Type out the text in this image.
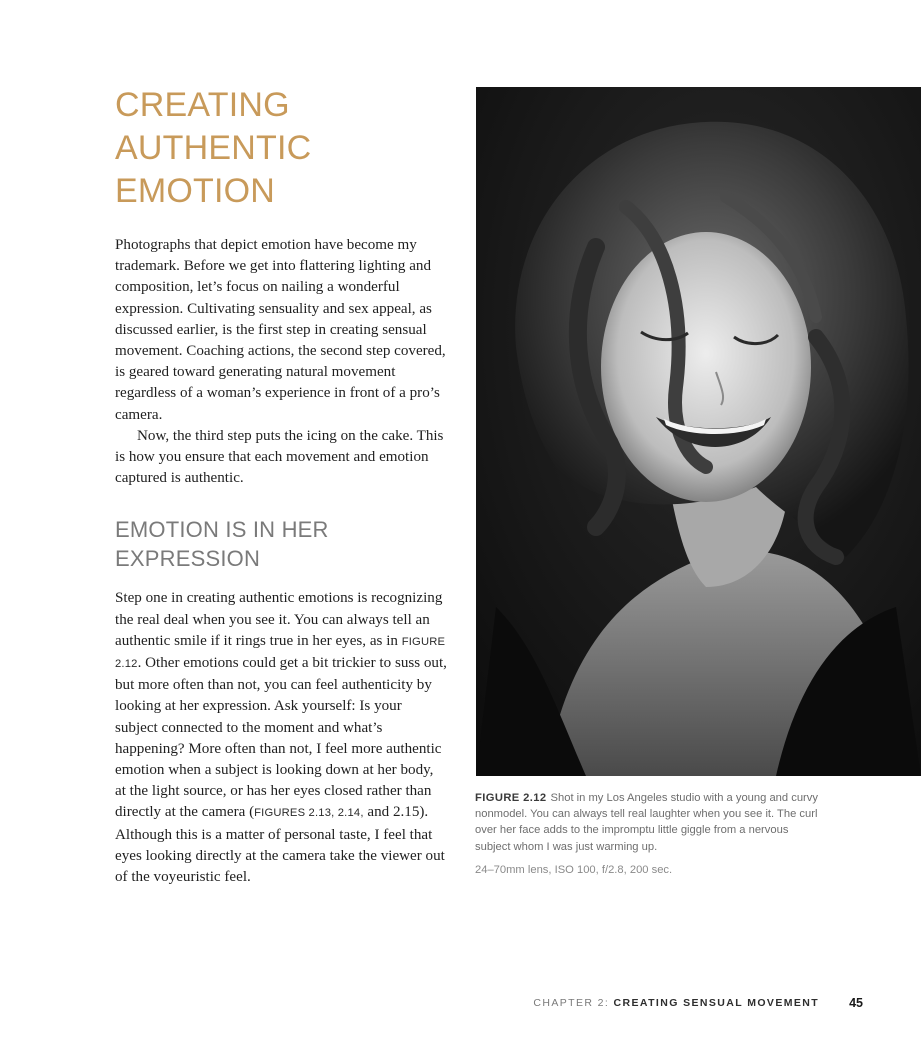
CREATING
AUTHENTIC
EMOTION

Photographs that depict emotion have become my trademark. Before we get into flattering lighting and composition, let’s focus on nailing a wonderful expression. Cultivating sensuality and sex appeal, as discussed earlier, is the first step in creating sensual movement. Coaching actions, the second step covered, is geared toward generating natural movement regardless of a woman’s experience in front of a pro’s camera.

Now, the third step puts the icing on the cake. This is how you ensure that each movement and emotion captured is authentic.

EMOTION IS IN HER
EXPRESSION

Step one in creating authentic emotions is recognizing the real deal when you see it. You can always tell an authentic smile if it rings true in her eyes, as in FIGURE 2.12. Other emotions could get a bit trickier to suss out, but more often than not, you can feel authenticity by looking at her expression. Ask yourself: Is your subject connected to the moment and what’s happening? More often than not, I feel more authentic emotion when a subject is looking down at her body, at the light source, or has her eyes closed rather than directly at the camera (FIGURES 2.13, 2.14, and 2.15). Although this is a matter of personal taste, I feel that eyes looking directly at the camera take the viewer out of the voyeuristic feel.

FIGURE 2.12 Shot in my Los Angeles studio with a young and curvy nonmodel. You can always tell real laughter when you see it. The curl over her face adds to the impromptu little giggle from a nervous subject whom I was just warming up.
24–70mm lens, ISO 100, f/2.8, 200 sec.
CHAPTER 2:
CREATING SENSUAL MOVEMENT 45
